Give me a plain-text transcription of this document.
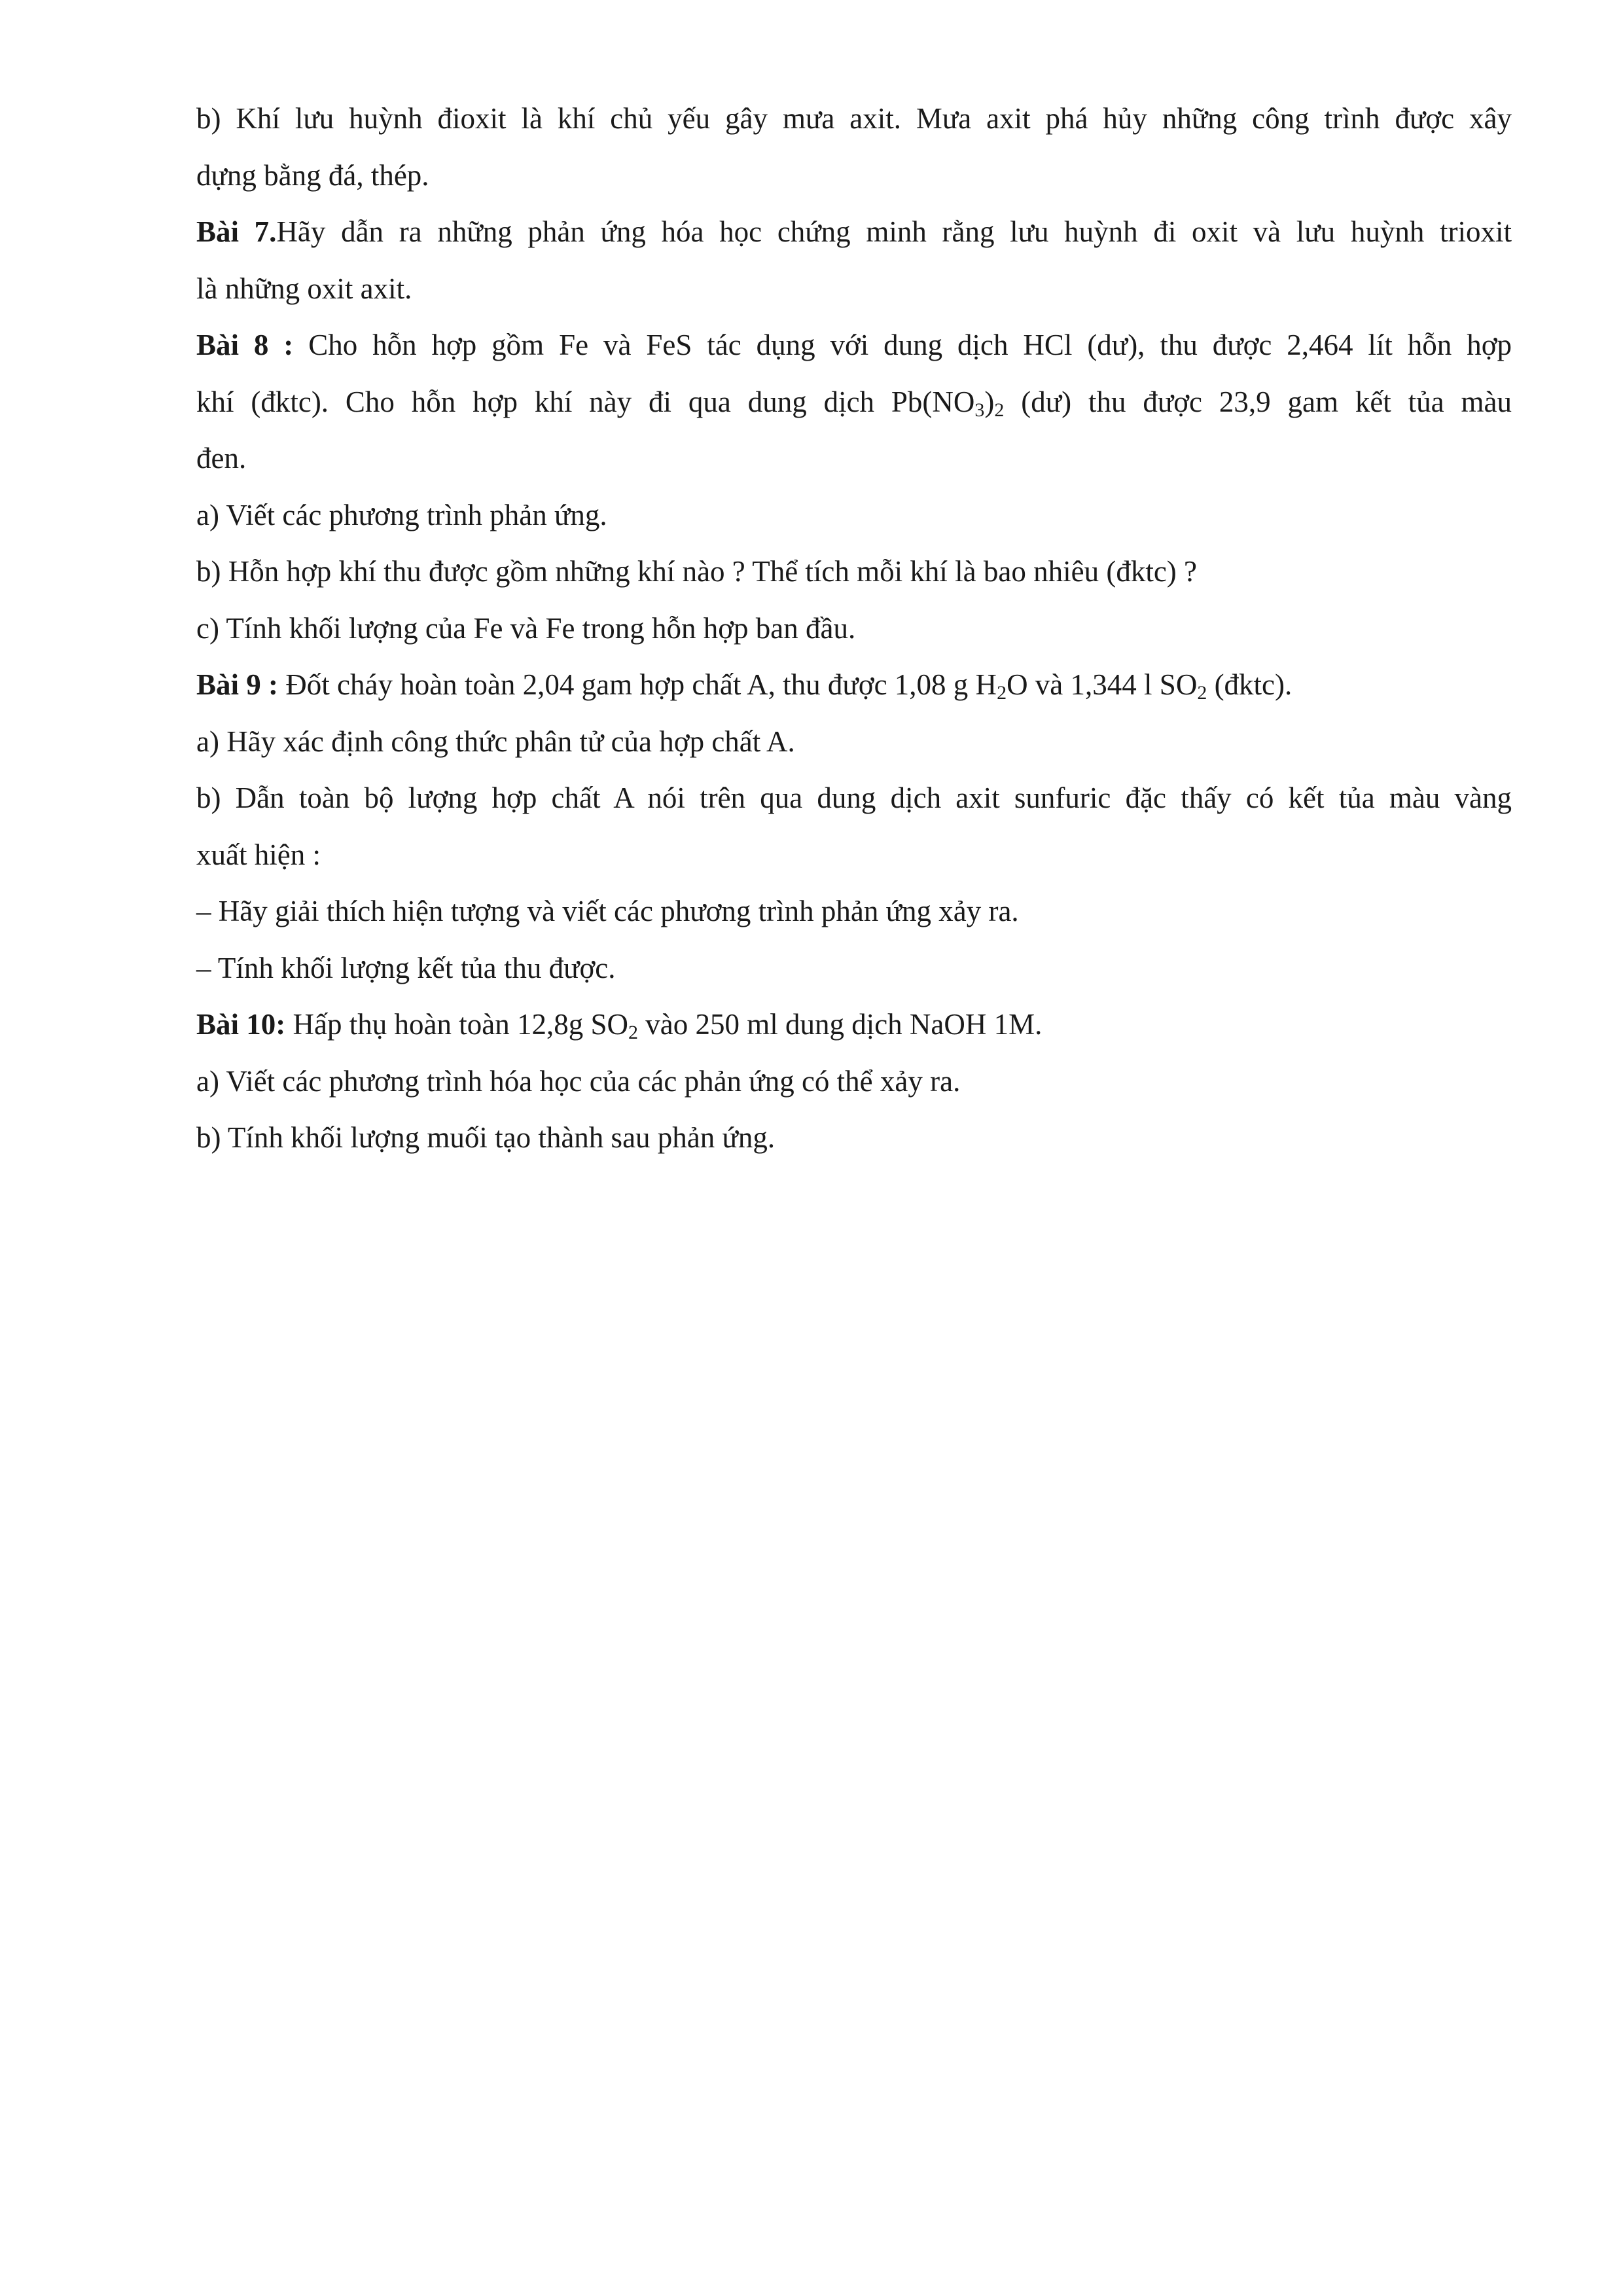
b) Khí lưu huỳnh đioxit là khí chủ yếu gây mưa axit. Mưa axit phá hủy những công trình được xây
dựng bằng đá, thép.
Bài 7.Hãy dẫn ra những phản ứng hóa học chứng minh rằng lưu huỳnh đi oxit và lưu huỳnh trioxit
là những oxit axit.
Bài 8 : Cho hỗn hợp gồm Fe và FeS tác dụng với dung dịch HCl (dư), thu được 2,464 lít hỗn hợp
khí (đktc). Cho hỗn hợp khí này đi qua dung dịch $Pb(NO_3)_2$ (dư) thu được 23,9 gam kết tủa màu
đen.
a) Viết các phương trình phản ứng.
b) Hỗn hợp khí thu được gồm những khí nào ? Thể tích mỗi khí là bao nhiêu (đktc) ?
c) Tính khối lượng của Fe và Fe trong hỗn hợp ban đầu.
Bài 9 : Đốt cháy hoàn toàn 2,04 gam hợp chất A, thu được 1,08 g $H_2O$ và 1,344 l $SO_2$ (đktc).
a) Hãy xác định công thức phân tử của hợp chất A.
b) Dẫn toàn bộ lượng hợp chất A nói trên qua dung dịch axit sunfuric đặc thấy có kết tủa màu vàng
xuất hiện :
– Hãy giải thích hiện tượng và viết các phương trình phản ứng xảy ra.
– Tính khối lượng kết tủa thu được.
Bài 10: Hấp thụ hoàn toàn 12,8g $SO_2$ vào 250 ml dung dịch NaOH 1M.
a) Viết các phương trình hóa học của các phản ứng có thể xảy ra.
b) Tính khối lượng muối tạo thành sau phản ứng.
